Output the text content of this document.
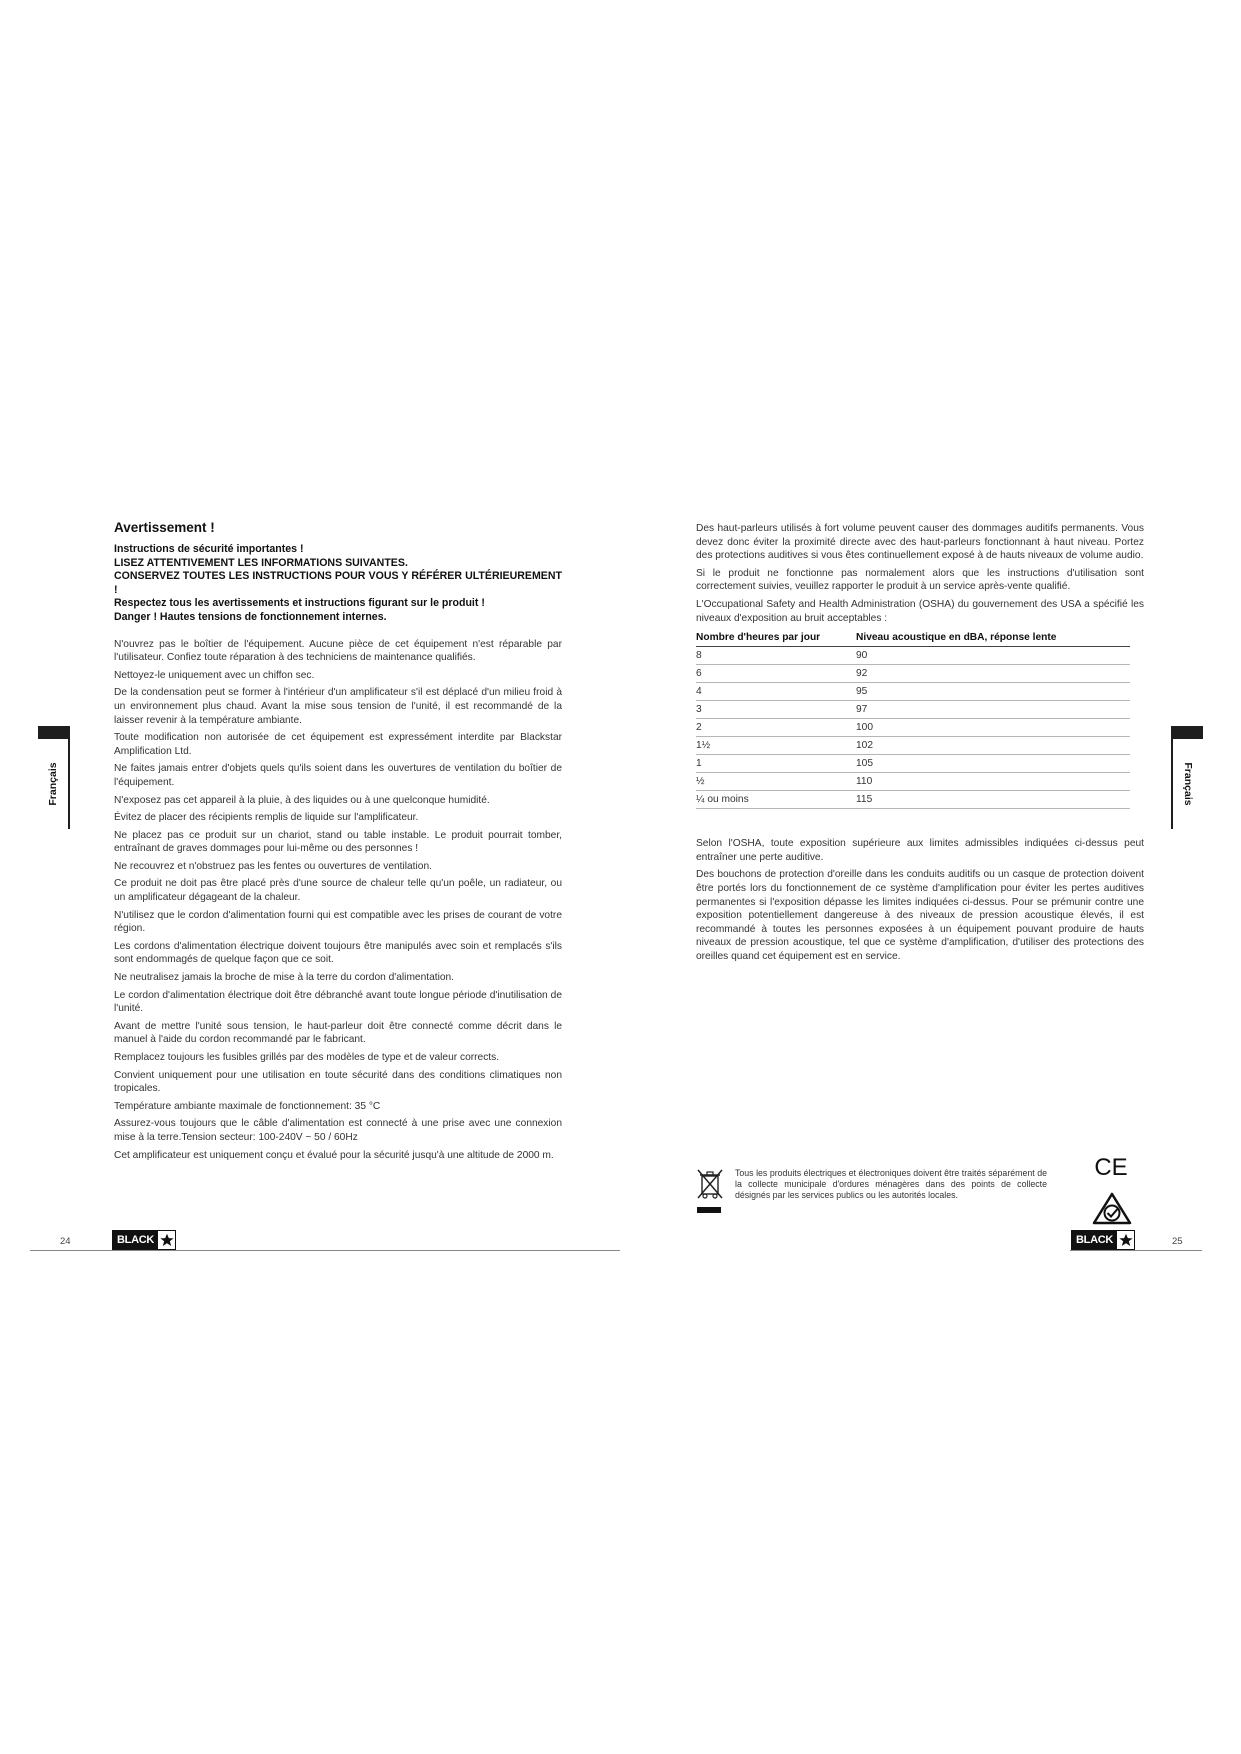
Avertissement !
Instructions de sécurité importantes !
LISEZ ATTENTIVEMENT LES INFORMATIONS SUIVANTES.
CONSERVEZ TOUTES LES INSTRUCTIONS POUR VOUS Y RÉFÉRER ULTÉRIEUREMENT !
Respectez tous les avertissements et instructions figurant sur le produit !
Danger ! Hautes tensions de fonctionnement internes.

N'ouvrez pas le boîtier de l'équipement. Aucune pièce de cet équipement n'est réparable par l'utilisateur. Confiez toute réparation à des techniciens de maintenance qualifiés.

Nettoyez-le uniquement avec un chiffon sec.

De la condensation peut se former à l'intérieur d'un amplificateur s'il est déplacé d'un milieu froid à un environnement plus chaud. Avant la mise sous tension de l'unité, il est recommandé de la laisser revenir à la température ambiante.

Toute modification non autorisée de cet équipement est expressément interdite par Blackstar Amplification Ltd.

Ne faites jamais entrer d'objets quels qu'ils soient dans les ouvertures de ventilation du boîtier de l'équipement.

N'exposez pas cet appareil à la pluie, à des liquides ou à une quelconque humidité.

Évitez de placer des récipients remplis de liquide sur l'amplificateur.

Ne placez pas ce produit sur un chariot, stand ou table instable. Le produit pourrait tomber, entraînant de graves dommages pour lui-même ou des personnes !

Ne recouvrez et n'obstruez pas les fentes ou ouvertures de ventilation.

Ce produit ne doit pas être placé près d'une source de chaleur telle qu'un poêle, un radiateur, ou un amplificateur dégageant de la chaleur.

N'utilisez que le cordon d'alimentation fourni qui est compatible avec les prises de courant de votre région.

Les cordons d'alimentation électrique doivent toujours être manipulés avec soin et remplacés s'ils sont endommagés de quelque façon que ce soit.

Ne neutralisez jamais la broche de mise à la terre du cordon d'alimentation.

Le cordon d'alimentation électrique doit être débranché avant toute longue période d'inutilisation de l'unité.

Avant de mettre l'unité sous tension, le haut-parleur doit être connecté comme décrit dans le manuel à l'aide du cordon recommandé par le fabricant.

Remplacez toujours les fusibles grillés par des modèles de type et de valeur corrects.

Convient uniquement pour une utilisation en toute sécurité dans des conditions climatiques non tropicales.

Température ambiante maximale de fonctionnement: 35 °C

Assurez-vous toujours que le câble d'alimentation est connecté à une prise avec une connexion mise à la terre.Tension secteur: 100-240V ~ 50 / 60Hz

Cet amplificateur est uniquement conçu et évalué pour la sécurité jusqu'à une altitude de 2000 m.

Français
24	BLACK

Des haut-parleurs utilisés à fort volume peuvent causer des dommages auditifs permanents. Vous devez donc éviter la proximité directe avec des haut-parleurs fonctionnant à haut niveau. Portez des protections auditives si vous êtes continuellement exposé à de hauts niveaux de volume audio.

Si le produit ne fonctionne pas normalement alors que les instructions d'utilisation sont correctement suivies, veuillez rapporter le produit à un service après-vente qualifié.

L'Occupational Safety and Health Administration (OSHA) du gouvernement des USA a spécifié les niveaux d'exposition au bruit acceptables :

Nombre d'heures par jour	Niveau acoustique en dBA, réponse lente
8	90
6	92
4	95
3	97
2	100
1½	102
1	105
½	110
¼ ou moins	115

Selon l'OSHA, toute exposition supérieure aux limites admissibles indiquées ci-dessus peut entraîner une perte auditive.

Des bouchons de protection d'oreille dans les conduits auditifs ou un casque de protection doivent être portés lors du fonctionnement de ce système d'amplification pour éviter les pertes auditives permanentes si l'exposition dépasse les limites indiquées ci-dessus. Pour se prémunir contre une exposition potentiellement dangereuse à des niveaux de pression acoustique élevés, il est recommandé à toutes les personnes exposées à un équipement pouvant produire de hauts niveaux de pression acoustique, tel que ce système d'amplification, d'utiliser des protections des oreilles quand cet équipement est en service.

Tous les produits électriques et électroniques doivent être traités séparément de la collecte municipale d'ordures ménagères dans des points de collecte désignés par les services publics ou les autorités locales.

CE

Français
BLACK	25
